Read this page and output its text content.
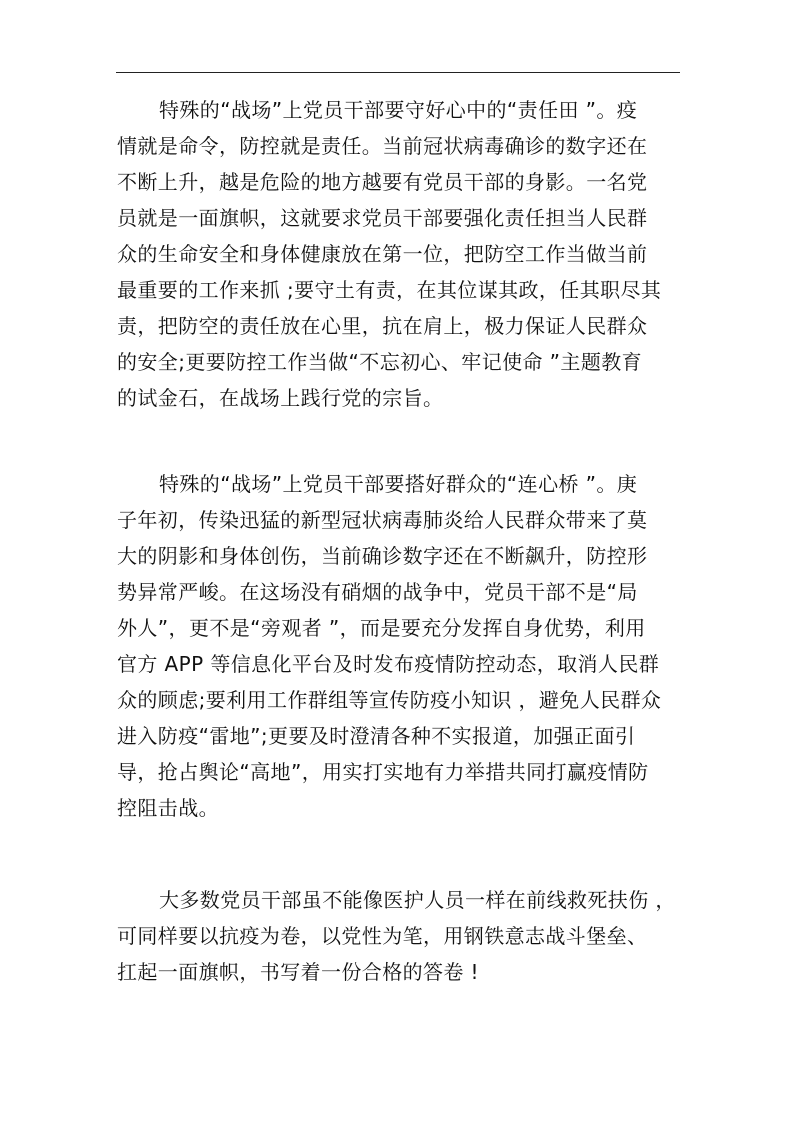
特殊的“战场”上党员干部要守好心中的“责任田 ”。疫

情就是命令，防控就是责任。当前冠状病毒确诊的数字还在

不断上升，越是危险的地方越要有党员干部的身影。一名党

员就是一面旗帜，这就要求党员干部要强化责任担当人民群

众的生命安全和身体健康放在第一位，把防空工作当做当前

最重要的工作来抓 ;要守土有责，在其位谋其政，任其职尽其

责，把防空的责任放在心里，抗在肩上，极力保证人民群众

的安全;更要防控工作当做“不忘初心、牢记使命 ”主题教育

的试金石，在战场上践行党的宗旨。

特殊的“战场”上党员干部要搭好群众的“连心桥 ”。庚

子年初，传染迅猛的新型冠状病毒肺炎给人民群众带来了莫

大的阴影和身体创伤，当前确诊数字还在不断飙升，防控形

势异常严峻。在这场没有硝烟的战争中，党员干部不是“局

外人”，更不是“旁观者 ”，而是要充分发挥自身优势，利用

官方 APP 等信息化平台及时发布疫情防控动态，取消人民群

众的顾虑;要利用工作群组等宣传防疫小知识 ，避免人民群众

进入防疫“雷地”;更要及时澄清各种不实报道，加强正面引

导，抢占舆论“高地”，用实打实地有力举措共同打赢疫情防

控阻击战。

大多数党员干部虽不能像医护人员一样在前线救死扶伤 ，

可同样要以抗疫为卷，以党性为笔，用钢铁意志战斗堡垒、

扛起一面旗帜，书写着一份合格的答卷 !
